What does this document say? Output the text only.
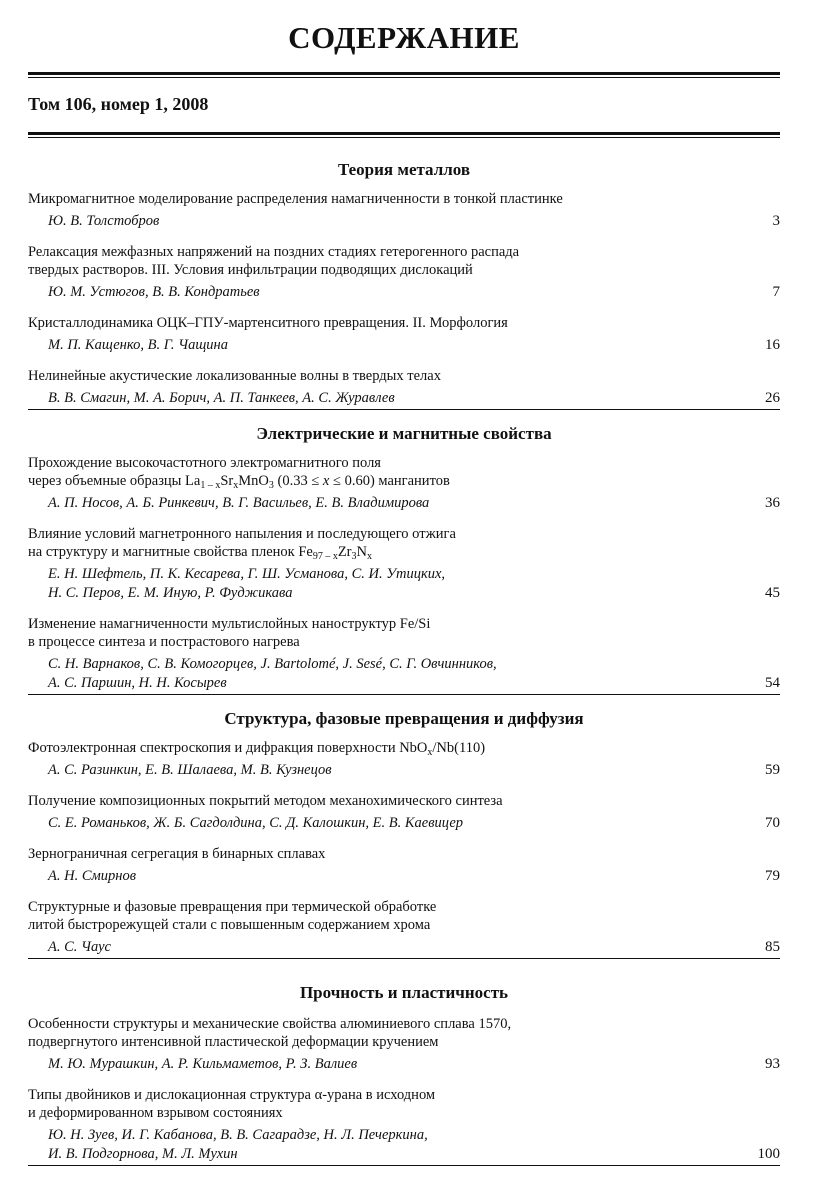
СОДЕРЖАНИЕ
Том 106, номер 1, 2008
Теория металлов
Микромагнитное моделирование распределения намагниченности в тонкой пластинке
Ю. В. Толстобров	3
Релаксация межфазных напряжений на поздних стадиях гетерогенного распада
твердых растворов. III. Условия инфильтрации подводящих дислокаций
Ю. М. Устюгов, В. В. Кондратьев	7
Кристаллодинамика ОЦК–ГПУ-мартенситного превращения. II. Морфология
М. П. Кащенко, В. Г. Чащина	16
Нелинейные акустические локализованные волны в твердых телах
В. В. Смагин, М. А. Борич, А. П. Танкеев, А. С. Журавлев	26
Электрические и магнитные свойства
Прохождение высокочастотного электромагнитного поля
через объемные образцы $La_{1 - x}Sr_xMnO_3$ (0.33 ≤ x ≤ 0.60) манганитов
А. П. Носов, А. Б. Ринкевич, В. Г. Васильев, Е. В. Владимирова	36
Влияние условий магнетронного напыления и последующего отжига
на структуру и магнитные свойства пленок $Fe_{97 - x}Zr_3N_x$
Е. Н. Шефтель, П. К. Кесарева, Г. Ш. Усманова, С. И. Утицких,
Н. С. Перов, Е. М. Иную, Р. Фуджикава	45
Изменение намагниченности мультислойных наноструктур Fe/Si
в процессе синтеза и пострастового нагрева
С. Н. Варнаков, С. В. Комогорцев, J. Bartolomé, J. Sesé, С. Г. Овчинников,
А. С. Паршин, Н. Н. Косырев	54
Структура, фазовые превращения и диффузия
Фотоэлектронная спектроскопия и дифракция поверхности NbO$_x$/Nb(110)
А. С. Разинкин, Е. В. Шалаева, М. В. Кузнецов	59
Получение композиционных покрытий методом механохимического синтеза
С. Е. Романьков, Ж. Б. Сагдолдина, С. Д. Калошкин, Е. В. Каевицер	70
Зернограничная сегрегация в бинарных сплавах
А. Н. Смирнов	79
Структурные и фазовые превращения при термической обработке
литой быстрорежущей стали с повышенным содержанием хрома
А. С. Чаус	85
Прочность и пластичность
Особенности структуры и механические свойства алюминиевого сплава 1570,
подвергнутого интенсивной пластической деформации кручением
М. Ю. Мурашкин, А. Р. Кильмаметов, Р. З. Валиев	93
Типы двойников и дислокационная структура α-урана в исходном
и деформированном взрывом состояниях
Ю. Н. Зуев, И. Г. Кабанова, В. В. Сагарадзе, Н. Л. Печеркина,
И. В. Подгорнова, М. Л. Мухин	100
